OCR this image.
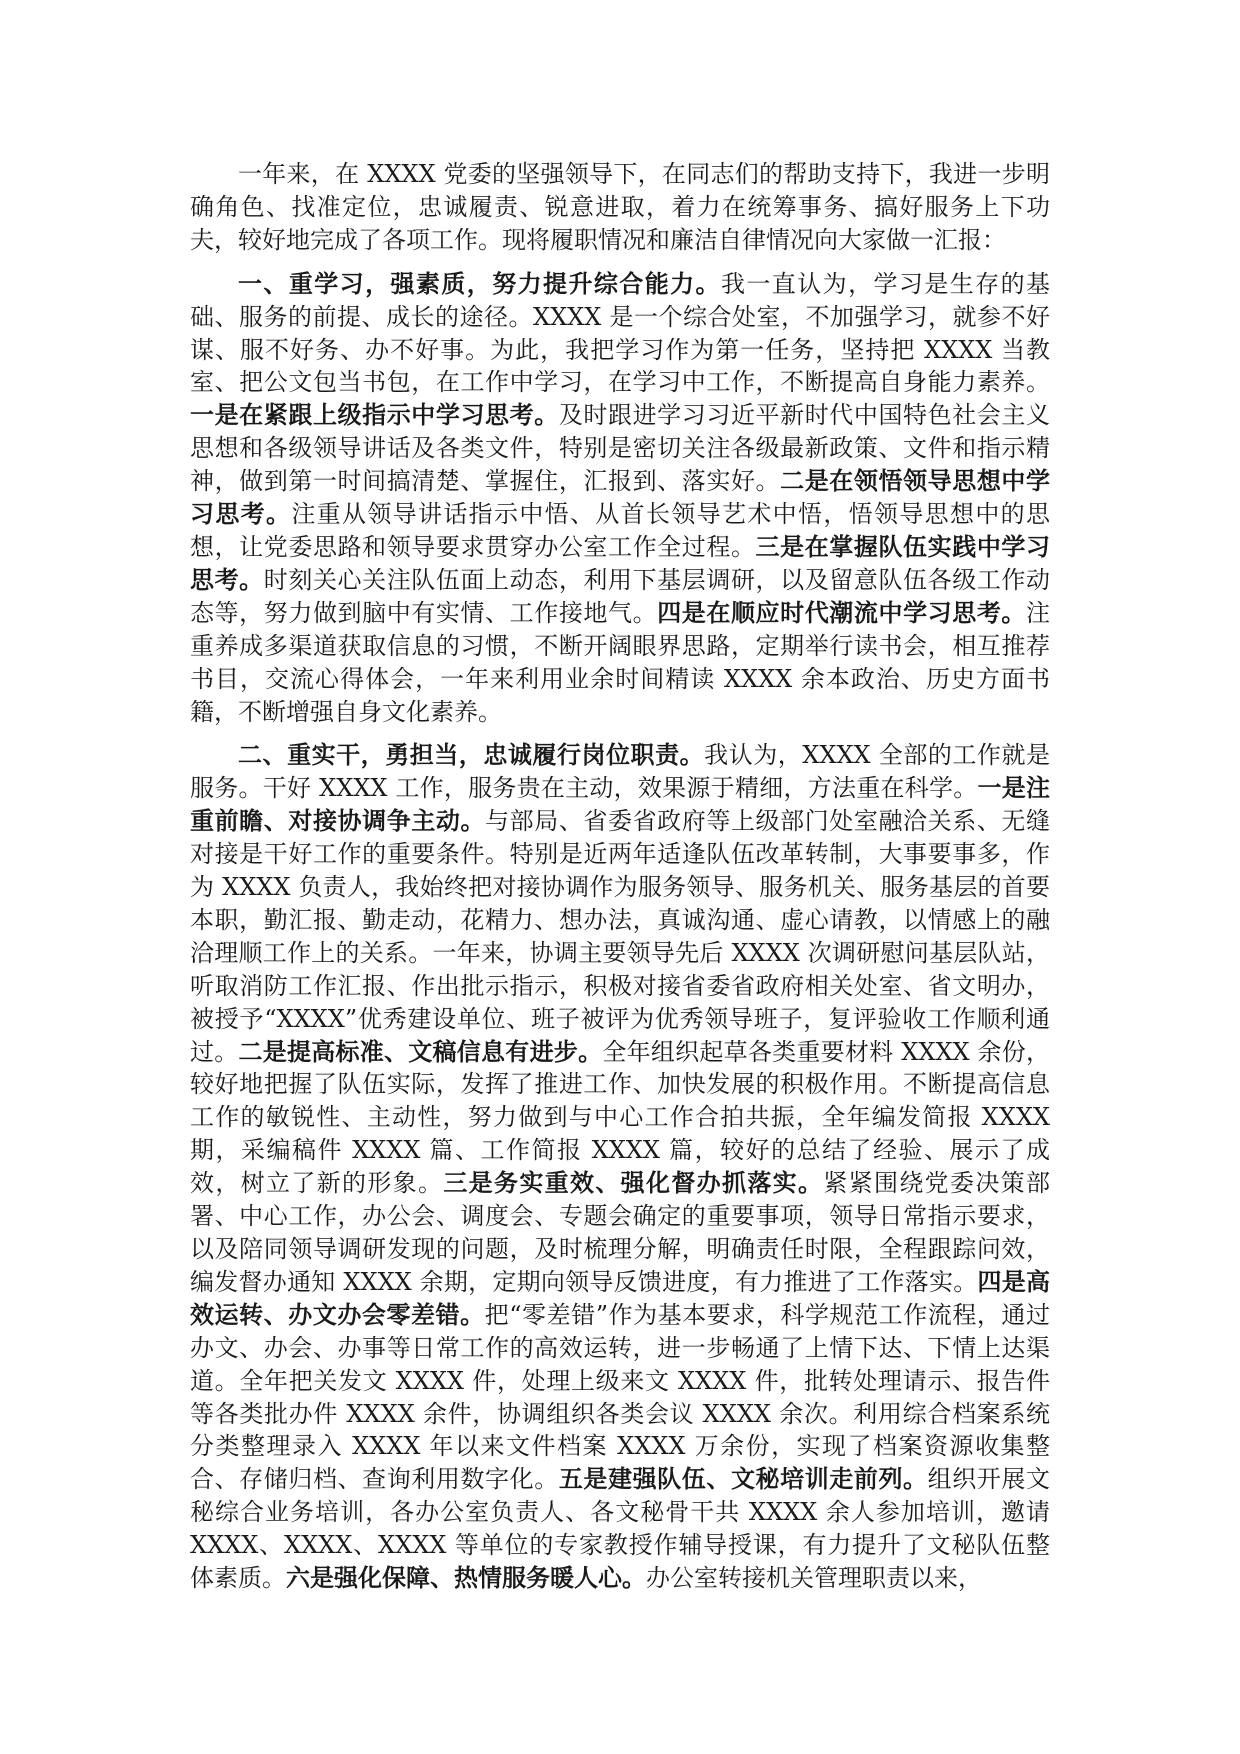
一年来，在 XXXX 党委的坚强领导下，在同志们的帮助支持下，我进一步明确角色、找准定位，忠诚履责、锐意进取，着力在统筹事务、搞好服务上下功夫，较好地完成了各项工作。现将履职情况和廉洁自律情况向大家做一汇报：

一、重学习，强素质，努力提升综合能力。我一直认为，学习是生存的基础、服务的前提、成长的途径。XXXX 是一个综合处室，不加强学习，就参不好谋、服不好务、办不好事。为此，我把学习作为第一任务，坚持把 XXXX 当教室、把公文包当书包，在工作中学习，在学习中工作，不断提高自身能力素养。一是在紧跟上级指示中学习思考。及时跟进学习习近平新时代中国特色社会主义思想和各级领导讲话及各类文件，特别是密切关注各级最新政策、文件和指示精神，做到第一时间搞清楚、掌握住，汇报到、落实好。二是在领悟领导思想中学习思考。注重从领导讲话指示中悟、从首长领导艺术中悟，悟领导思想中的思想，让党委思路和领导要求贯穿办公室工作全过程。三是在掌握队伍实践中学习思考。时刻关心关注队伍面上动态，利用下基层调研，以及留意队伍各级工作动态等，努力做到脑中有实情、工作接地气。四是在顺应时代潮流中学习思考。注重养成多渠道获取信息的习惯，不断开阔眼界思路，定期举行读书会，相互推荐书目，交流心得体会，一年来利用业余时间精读 XXXX 余本政治、历史方面书籍，不断增强自身文化素养。

二、重实干，勇担当，忠诚履行岗位职责。我认为，XXXX 全部的工作就是服务。干好 XXXX 工作，服务贵在主动，效果源于精细，方法重在科学。一是注重前瞻、对接协调争主动。与部局、省委省政府等上级部门处室融洽关系、无缝对接是干好工作的重要条件。特别是近两年适逢队伍改革转制，大事要事多，作为 XXXX 负责人，我始终把对接协调作为服务领导、服务机关、服务基层的首要本职，勤汇报、勤走动，花精力、想办法，真诚沟通、虚心请教，以情感上的融洽理顺工作上的关系。一年来，协调主要领导先后 XXXX 次调研慰问基层队站，听取消防工作汇报、作出批示指示，积极对接省委省政府相关处室、省文明办，被授予“XXXX”优秀建设单位、班子被评为优秀领导班子，复评验收工作顺利通过。二是提高标准、文稿信息有进步。全年组织起草各类重要材料 XXXX 余份，较好地把握了队伍实际，发挥了推进工作、加快发展的积极作用。不断提高信息工作的敏锐性、主动性，努力做到与中心工作合拍共振，全年编发简报 XXXX 期，采编稿件 XXXX 篇、工作简报 XXXX 篇，较好的总结了经验、展示了成效，树立了新的形象。三是务实重效、强化督办抓落实。紧紧围绕党委决策部署、中心工作，办公会、调度会、专题会确定的重要事项，领导日常指示要求，以及陪同领导调研发现的问题，及时梳理分解，明确责任时限，全程跟踪问效，编发督办通知 XXXX 余期，定期向领导反馈进度，有力推进了工作落实。四是高效运转、办文办会零差错。把“零差错”作为基本要求，科学规范工作流程，通过办文、办会、办事等日常工作的高效运转，进一步畅通了上情下达、下情上达渠道。全年把关发文 XXXX 件，处理上级来文 XXXX 件，批转处理请示、报告件等各类批办件 XXXX 余件，协调组织各类会议 XXXX 余次。利用综合档案系统分类整理录入 XXXX 年以来文件档案 XXXX 万余份，实现了档案资源收集整合、存储归档、查询利用数字化。五是建强队伍、文秘培训走前列。组织开展文秘综合业务培训，各办公室负责人、各文秘骨干共 XXXX 余人参加培训，邀请 XXXX、XXXX、XXXX 等单位的专家教授作辅导授课，有力提升了文秘队伍整体素质。六是强化保障、热情服务暖人心。办公室转接机关管理职责以来，
